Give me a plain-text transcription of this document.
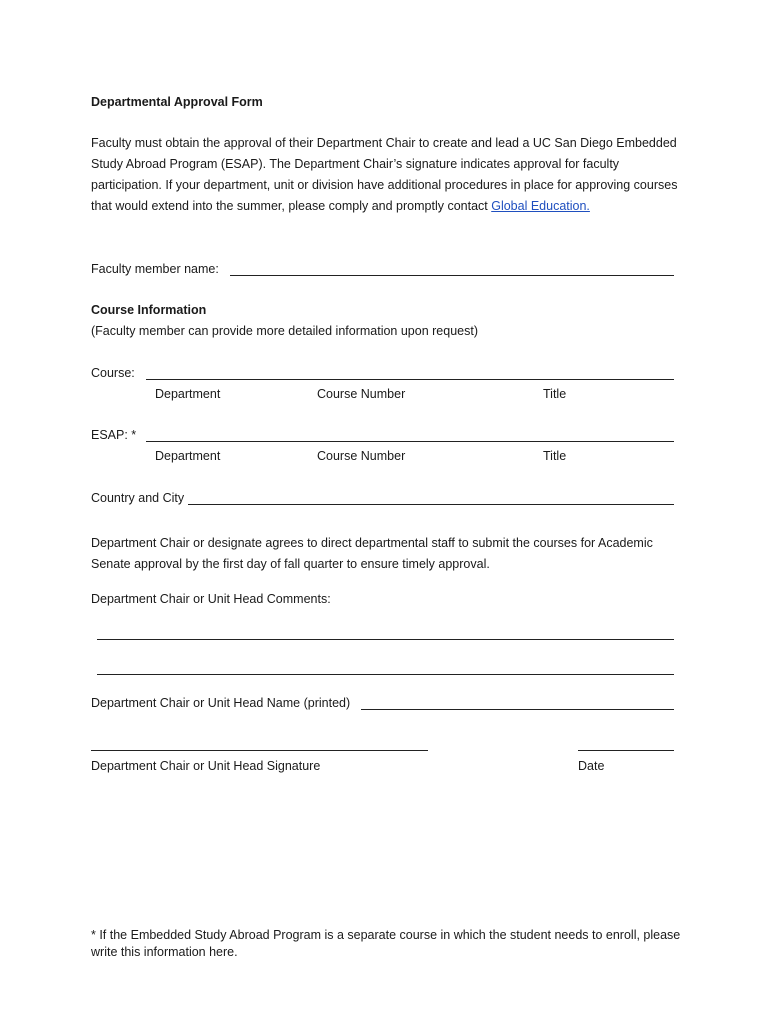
Departmental Approval Form
Faculty must obtain the approval of their Department Chair to create and lead a UC San Diego Embedded Study Abroad Program (ESAP). The Department Chair’s signature indicates approval for faculty participation. If your department, unit or division have additional procedures in place for approving courses that would extend into the summer, please comply and promptly contact Global Education.
Faculty member name:
Course Information
(Faculty member can provide more detailed information upon request)
Course:
Department	Course Number	Title
ESAP: *
Department	Course Number	Title
Country and City
Department Chair or designate agrees to direct departmental staff to submit the courses for Academic Senate approval by the first day of fall quarter to ensure timely approval.
Department Chair or Unit Head Comments:
Department Chair or Unit Head Name (printed)
Department Chair or Unit Head Signature	Date
* If the Embedded Study Abroad Program is a separate course in which the student needs to enroll, please write this information here.
